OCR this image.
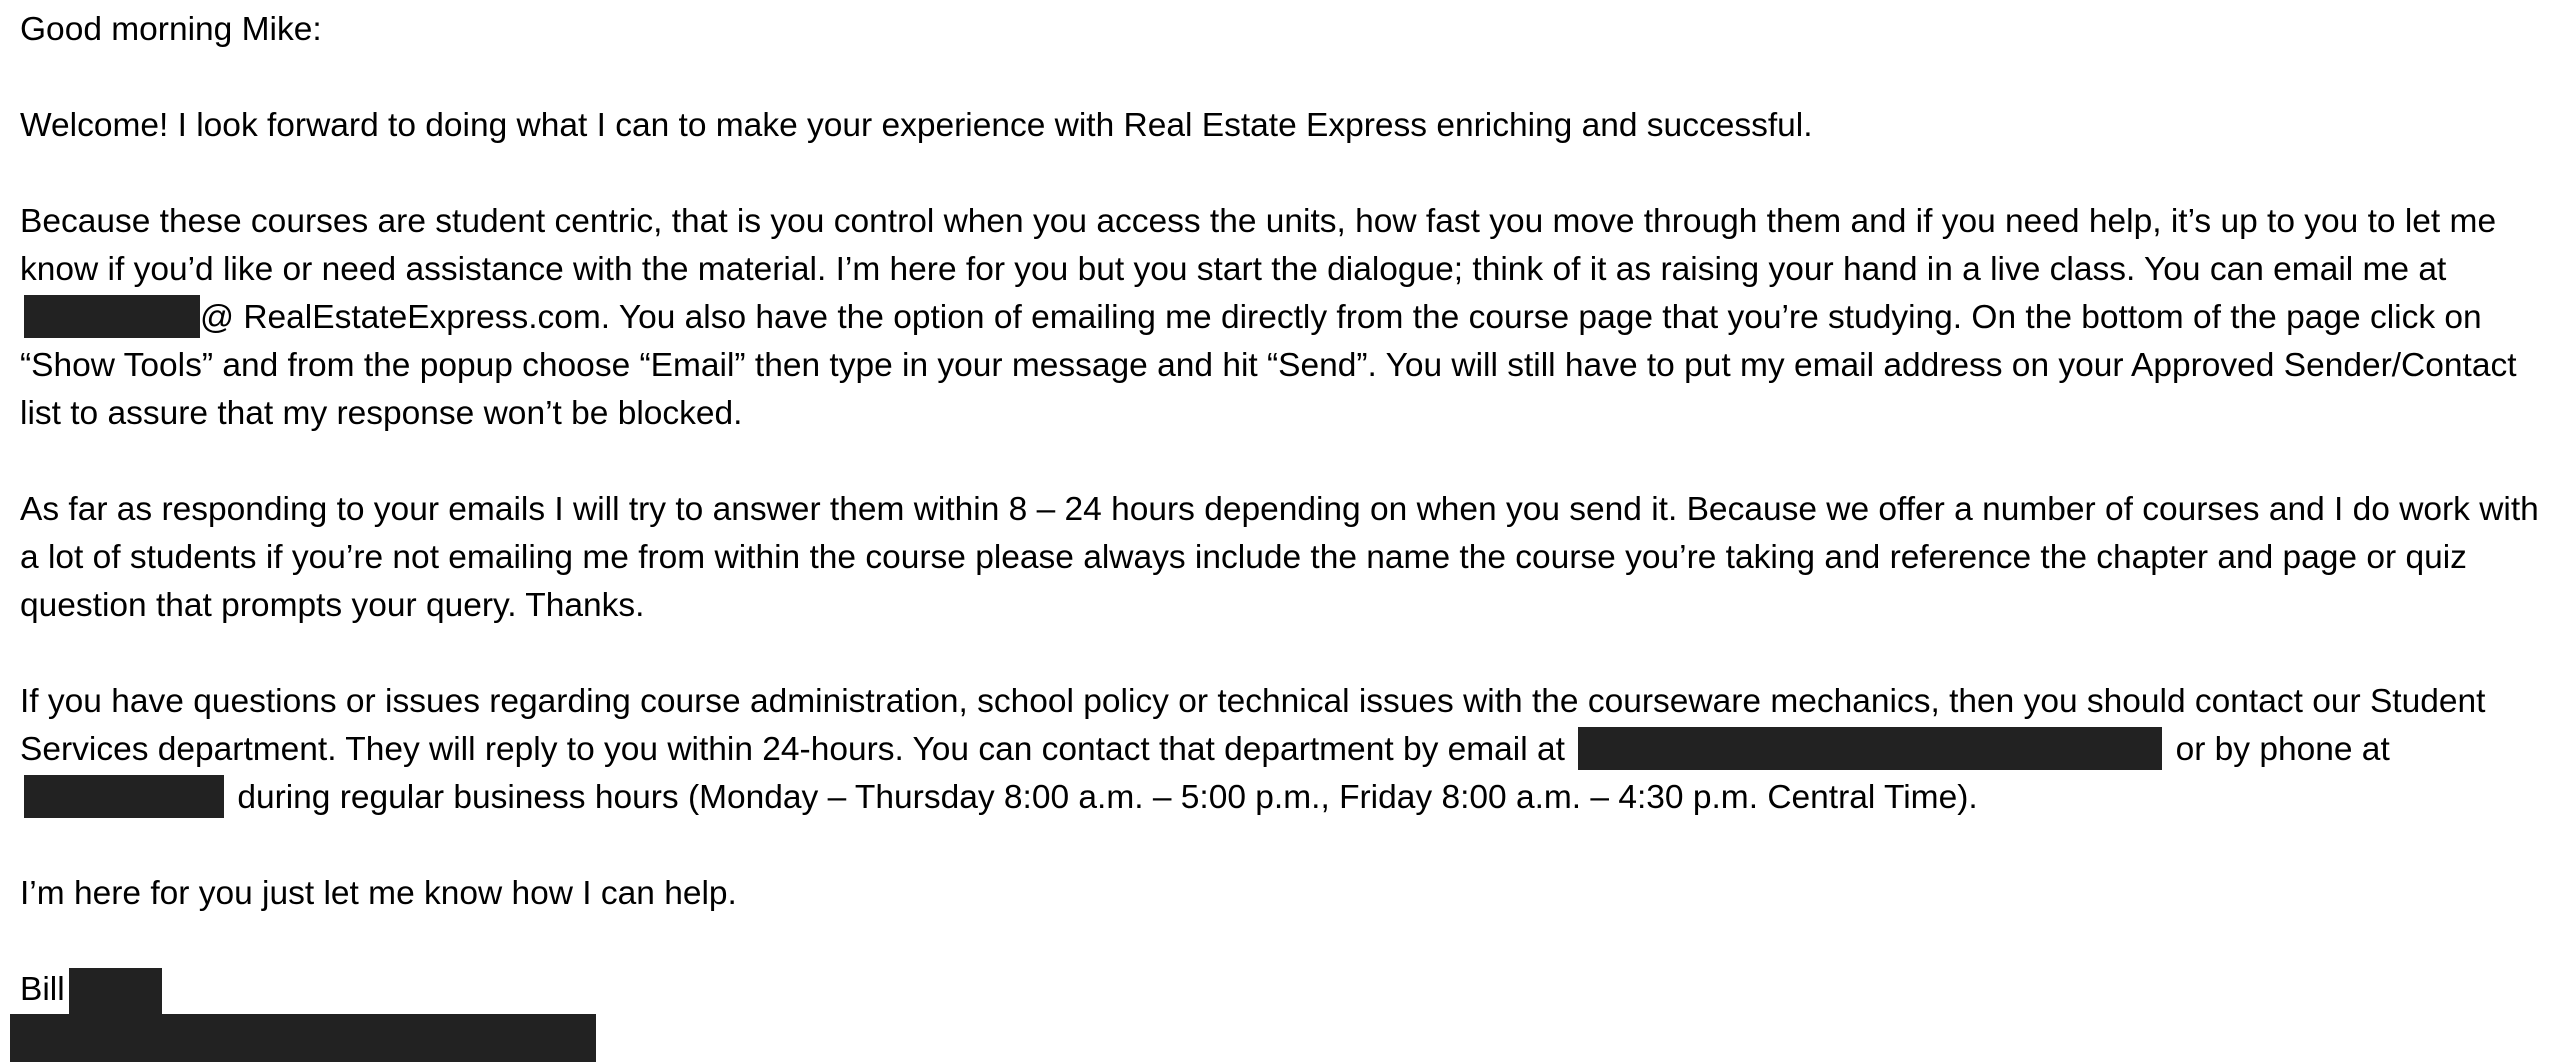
Good morning Mike:

Welcome! I look forward to doing what I can to make your experience with Real Estate Express enriching and successful.

Because these courses are student centric, that is you control when you access the units, how fast you move through them and if you need help, it’s up to you to let me know if you’d like or need assistance with the material. I’m here for you but you start the dialogue; think of it as raising your hand in a live class. You can email me at @ RealEstateExpress.com. You also have the option of emailing me directly from the course page that you’re studying. On the bottom of the page click on “Show Tools” and from the popup choose “Email” then type in your message and hit “Send”. You will still have to put my email address on your Approved Sender/Contact list to assure that my response won’t be blocked.

As far as responding to your emails I will try to answer them within 8 – 24 hours depending on when you send it. Because we offer a number of courses and I do work with a lot of students if you’re not emailing me from within the course please always include the name the course you’re taking and reference the chapter and page or quiz question that prompts your query. Thanks.

If you have questions or issues regarding course administration, school policy or technical issues with the courseware mechanics, then you should contact our Student Services department. They will reply to you within 24-hours. You can contact that department by email at	or by phone at  during regular business hours (Monday – Thursday 8:00 a.m. – 5:00 p.m., Friday 8:00 a.m. – 4:30 p.m. Central Time).

I’m here for you just let me know how I can help.

Bill
